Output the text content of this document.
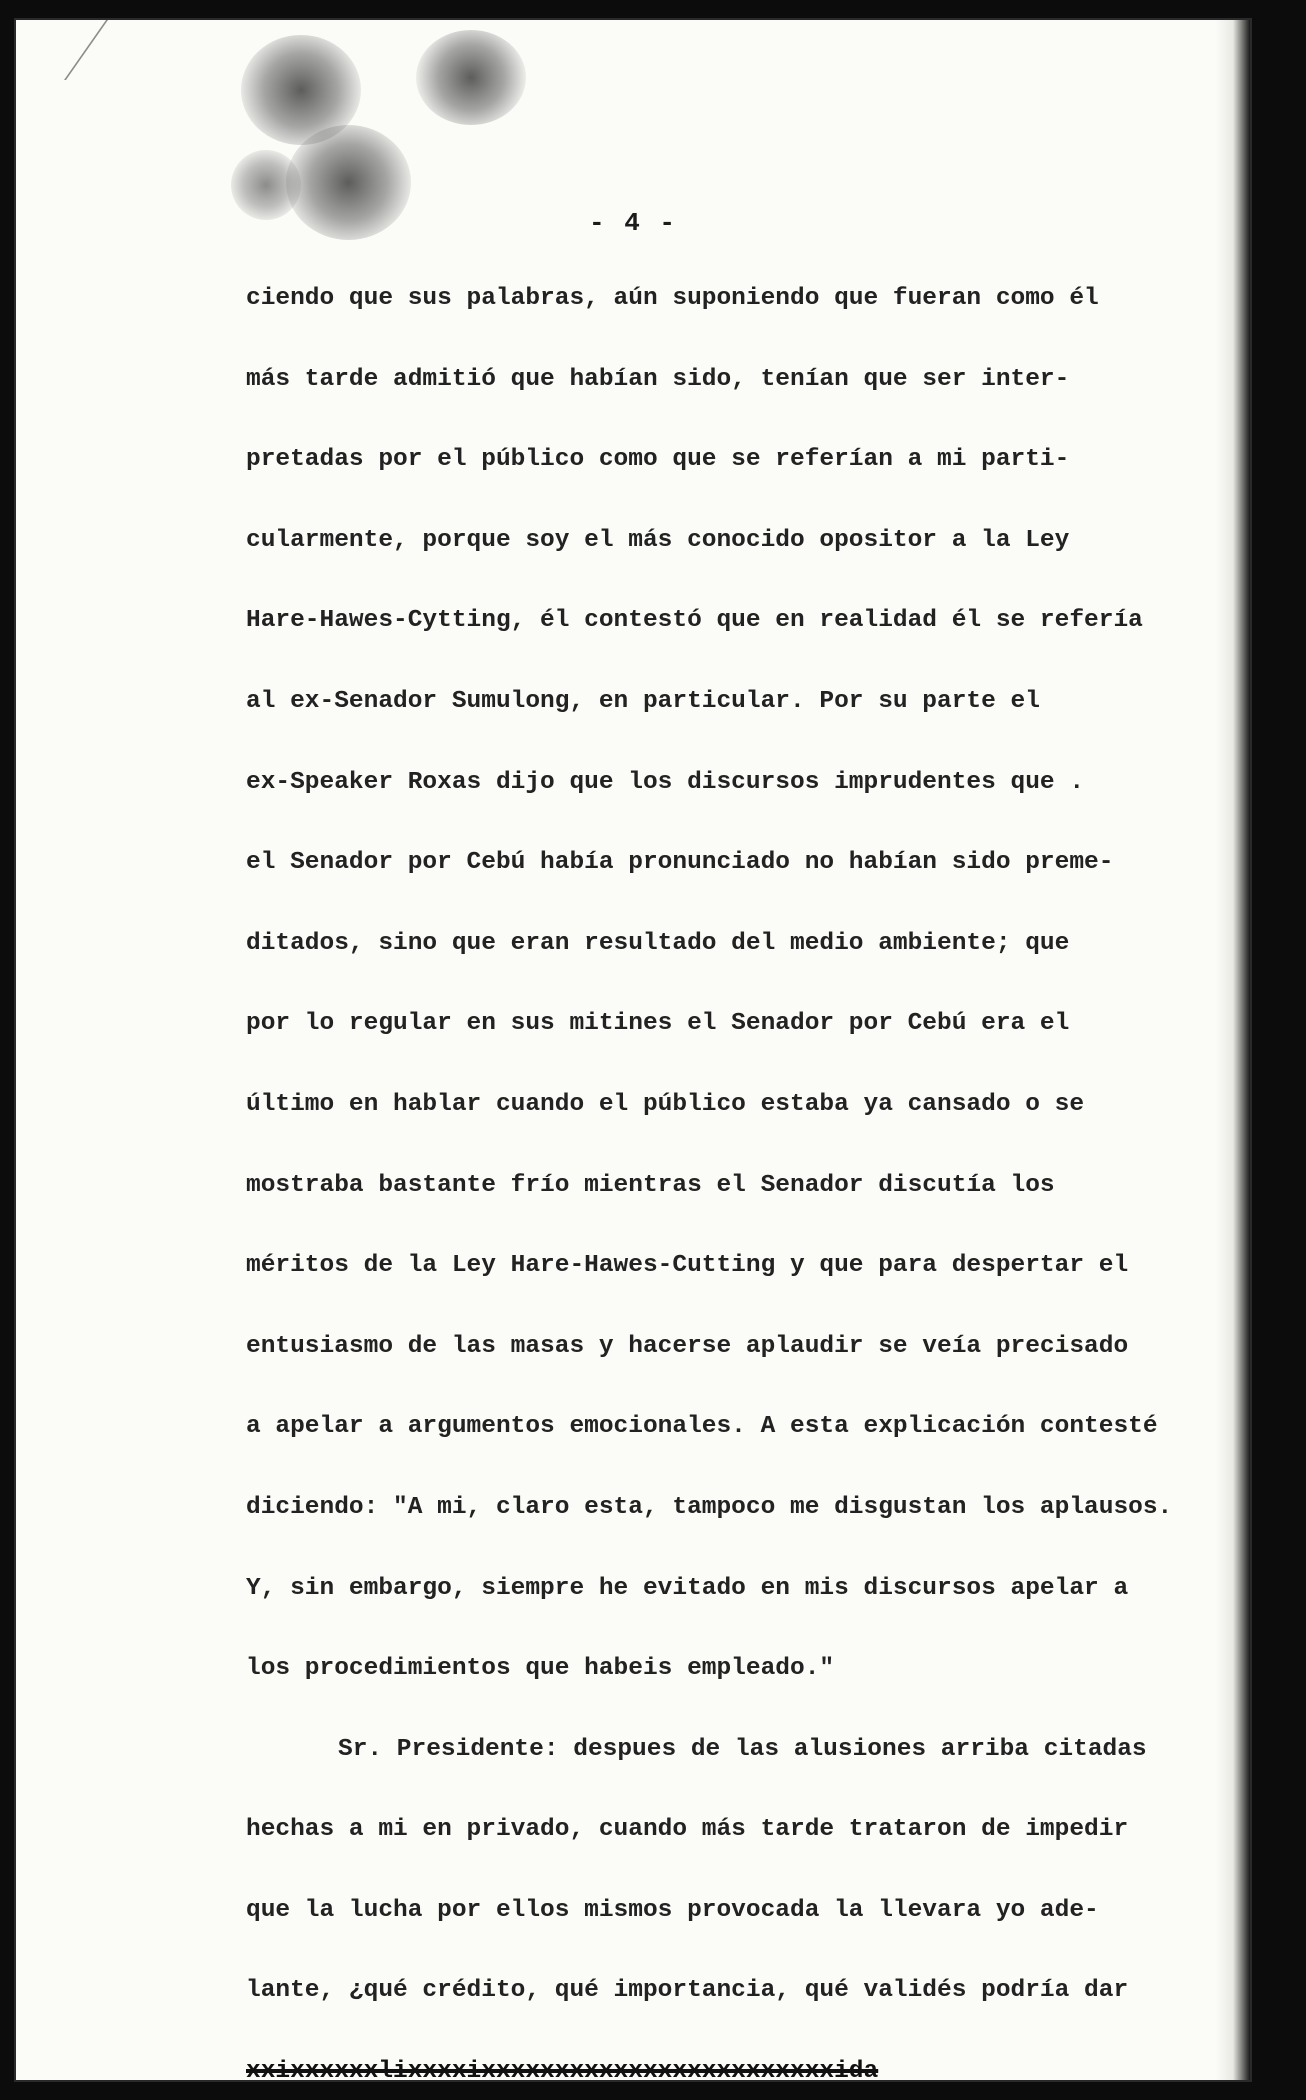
- 4 -
ciendo que sus palabras, aún suponiendo que fueran como él
más tarde admitió que habían sido, tenían que ser inter-
pretadas por el público como que se referían a mi parti-
cularmente, porque soy el más conocido opositor a la Ley
Hare-Hawes-Cytting, él contestó que en realidad él se refería
al ex-Senador Sumulong, en particular. Por su parte el
ex-Speaker Roxas dijo que los discursos imprudentes que .
el Senador por Cebú había pronunciado no habían sido preme-
ditados, sino que eran resultado del medio ambiente; que
por lo regular en sus mitines el Senador por Cebú era el
último en hablar cuando el público estaba ya cansado o se
mostraba bastante frío mientras el Senador discutía los
méritos de la Ley Hare-Hawes-Cutting y que para despertar el
entusiasmo de las masas y hacerse aplaudir se veía precisado
a apelar a argumentos emocionales. A esta explicación contesté
diciendo: "A mi, claro esta, tampoco me disgustan los aplausos.
Y, sin embargo, siempre he evitado en mis discursos apelar a
los procedimientos que habeis empleado."
Sr. Presidente: despues de las alusiones arriba citadas
hechas a mi en privado, cuando más tarde trataron de impedir
que la lucha por ellos mismos provocada la llevara yo ade-
lante, ¿qué crédito, qué importancia, qué validés podría dar
xxixxxxxxlixxxxixxxxxxxxxxxxxxxxxxxxxxxxida
